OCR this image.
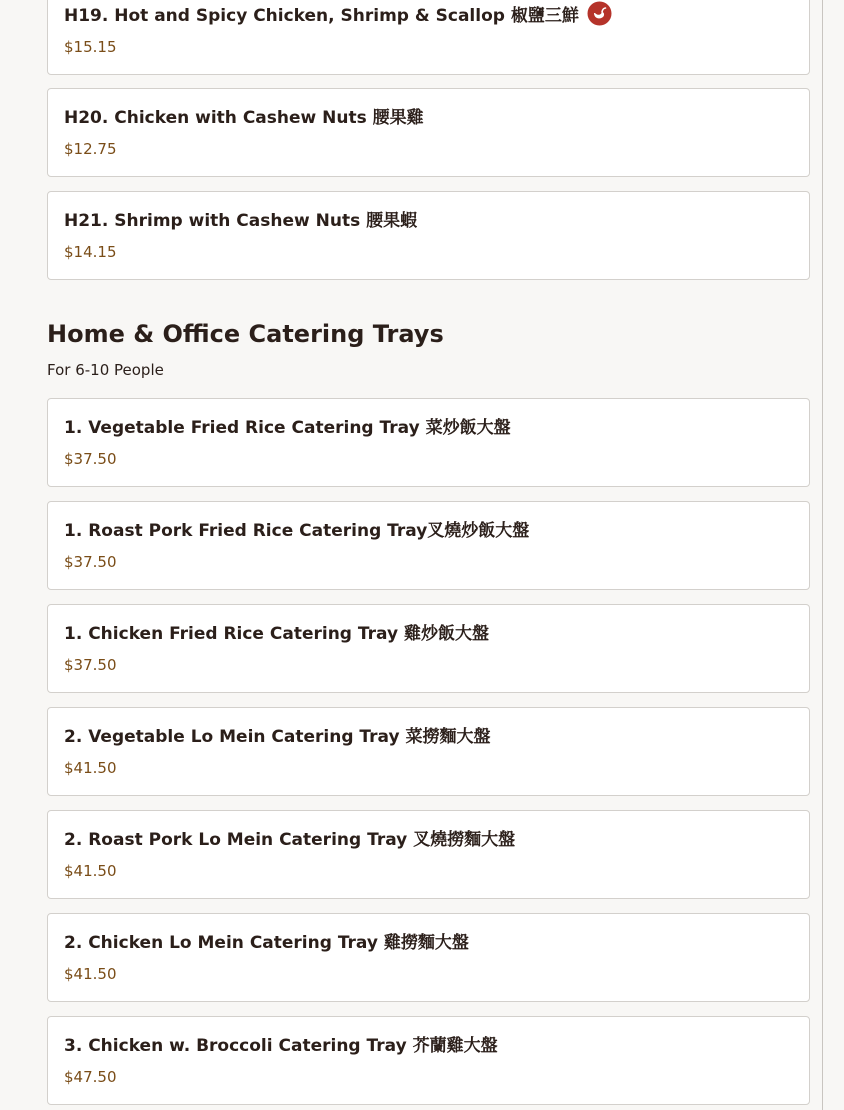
H19. Hot and Spicy Chicken, Shrimp & Scallop 椒鹽三鮮
$15.15
H20. Chicken with Cashew Nuts 腰果雞
$12.75
H21. Shrimp with Cashew Nuts 腰果蝦
$14.15
Home & Office Catering Trays

For 6-10 People

1. Vegetable Fried Rice Catering Tray 菜炒飯大盤
$37.50
1. Roast Pork Fried Rice Catering Tray叉燒炒飯大盤
$37.50
1. Chicken Fried Rice Catering Tray 雞炒飯大盤
$37.50
2. Vegetable Lo Mein Catering Tray 菜撈麵大盤
$41.50
2. Roast Pork Lo Mein Catering Tray 叉燒撈麵大盤
$41.50
2. Chicken Lo Mein Catering Tray 雞撈麵大盤
$41.50
3. Chicken w. Broccoli Catering Tray 芥蘭雞大盤
$47.50
